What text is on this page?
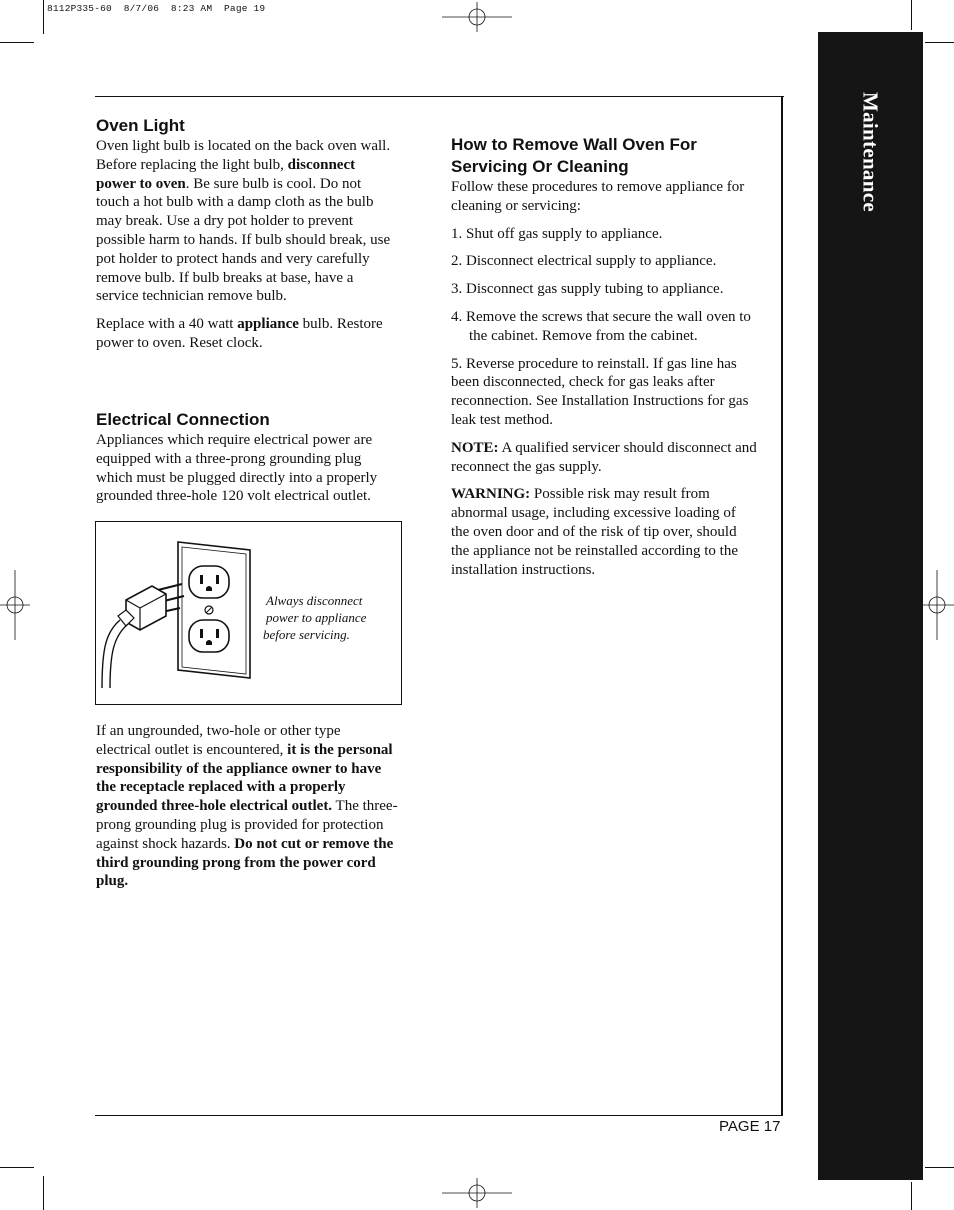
8112P335-60  8/7/06  8:23 AM  Page 19
Maintenance
Oven Light

Oven light bulb is located on the back oven wall. Before replacing the light bulb, disconnect power to oven. Be sure bulb is cool. Do not touch a hot bulb with a damp cloth as the bulb may break. Use a dry pot holder to prevent possible harm to hands. If bulb should break, use pot holder to protect hands and very carefully remove bulb. If bulb breaks at base, have a service technician remove bulb.

Replace with a 40 watt appliance bulb. Restore power to oven. Reset clock.

Electrical Connection

Appliances which require electrical power are equipped with a three-prong grounding plug which must be plugged directly into a properly grounded three-hole 120 volt electrical outlet.

Always disconnect
power to appliance
before servicing.

If an ungrounded, two-hole or other type electrical outlet is encountered, it is the personal responsibility of the appliance owner to have the receptacle replaced with a properly grounded three-hole electrical outlet. The three-prong grounding plug is provided for protection against shock hazards. Do not cut or remove the third grounding prong from the power cord plug.

How to Remove Wall Oven For Servicing Or Cleaning

Follow these procedures to remove appliance for cleaning or servicing:

1. Shut off gas supply to appliance.

2. Disconnect electrical supply to appliance.

3. Disconnect gas supply tubing to appliance.

4. Remove the screws that secure the wall oven to the cabinet. Remove from the cabinet.

5. Reverse procedure to reinstall. If gas line has been disconnected, check for gas leaks after reconnection. See Installation Instructions for gas leak test method.

NOTE: A qualified servicer should disconnect and reconnect the gas supply.

WARNING: Possible risk may result from abnormal usage, including excessive loading of the oven door and of the risk of tip over, should the appliance not be reinstalled according to the installation instructions.

PAGE 17
